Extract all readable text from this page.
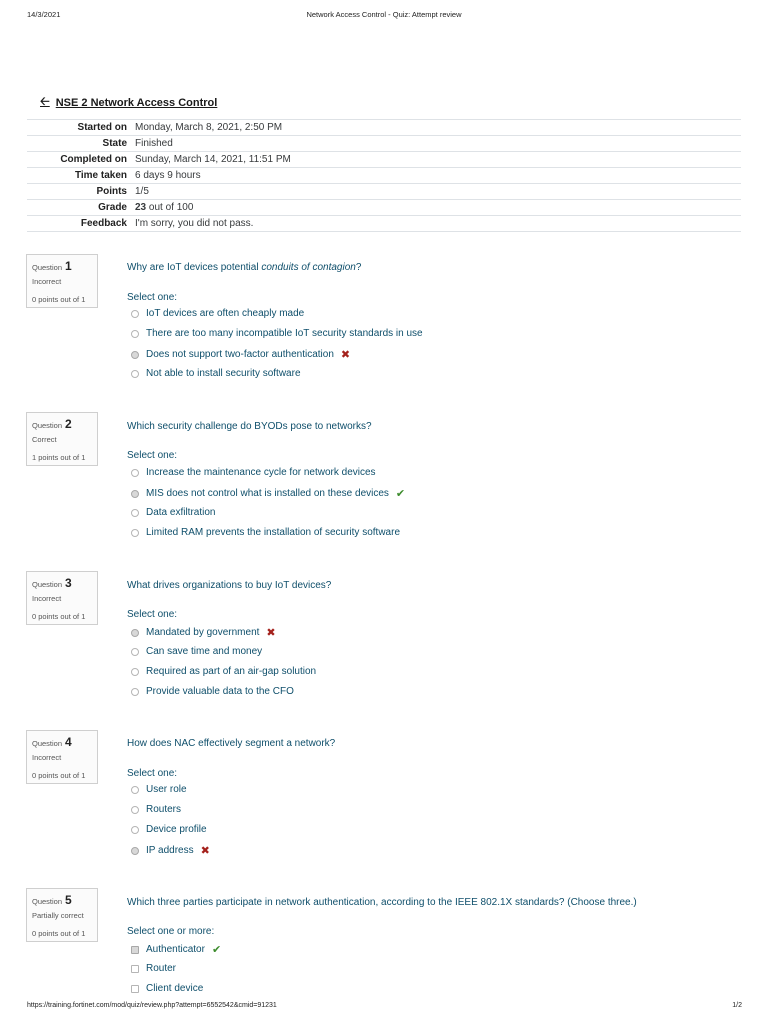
14/3/2021	Network Access Control - Quiz: Attempt review
🡠 NSE 2 Network Access Control
Started on	Monday, March 8, 2021, 2:50 PM
State	Finished
Completed on	Sunday, March 14, 2021, 11:51 PM
Time taken	6 days 9 hours
Points	1/5
Grade	23 out of 100
Feedback	I'm sorry, you did not pass.
Question 1
Incorrect
0 points out of 1
Why are IoT devices potential conduits of contagion?
Select one:
IoT devices are often cheaply made
There are too many incompatible IoT security standards in use
Does not support two-factor authentication ✖
Not able to install security software
Question 2
Correct
1 points out of 1
Which security challenge do BYODs pose to networks?
Select one:
Increase the maintenance cycle for network devices
MIS does not control what is installed on these devices ✔
Data exfiltration
Limited RAM prevents the installation of security software
Question 3
Incorrect
0 points out of 1
What drives organizations to buy IoT devices?
Select one:
Mandated by government ✖
Can save time and money
Required as part of an air-gap solution
Provide valuable data to the CFO
Question 4
Incorrect
0 points out of 1
How does NAC effectively segment a network?
Select one:
User role
Routers
Device profile
IP address ✖
Question 5
Partially correct
0 points out of 1
Which three parties participate in network authentication, according to the IEEE 802.1X standards? (Choose three.)
Select one or more:
Authenticator ✔
Router
Client device
https://training.fortinet.com/mod/quiz/review.php?attempt=6552542&cmid=91231	1/2
